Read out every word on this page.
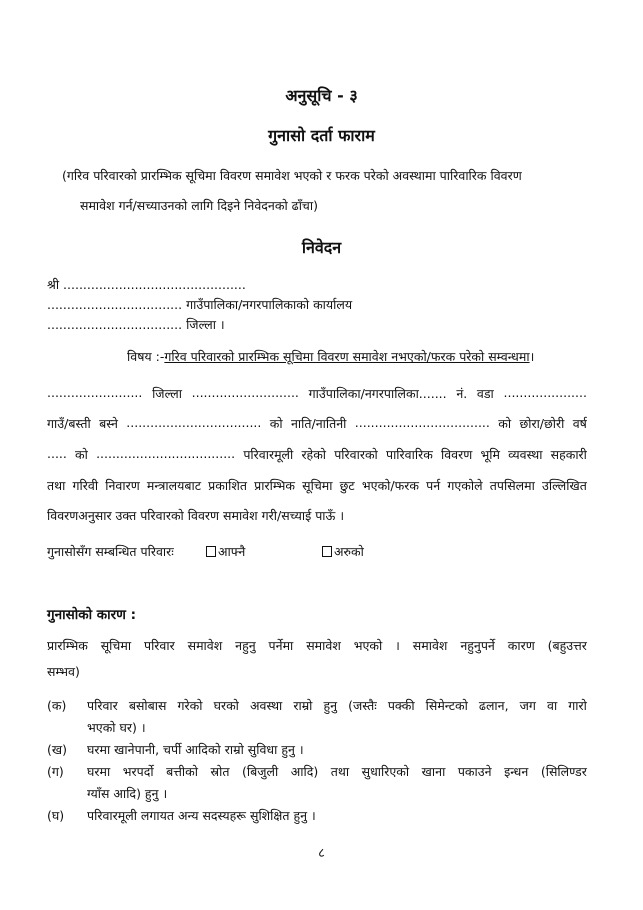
अनुसूचि - ३
गुनासो दर्ता फाराम
(गरिव परिवारको प्रारम्भिक सूचिमा विवरण समावेश भएको र फरक परेको अवस्थामा पारिवारिक विवरण
समावेश गर्न/सच्याउनको लागि दिइने निवेदनको ढाँचा)
निवेदन
श्री ..............................................
.................................. गाउँपालिका/नगरपालिकाको कार्यालय
.................................. जिल्ला ।
विषय :-गरिव परिवारको प्रारम्भिक सूचिमा विवरण समावेश नभएको/फरक परेको सम्वन्धमा।
........................ जिल्ला ........................... गाउँपालिका/नगरपालिका....... नं. वडा .....................
गाउँ/बस्ती बस्ने .................................. को नाति/नातिनी .................................. को छोरा/छोरी वर्ष
..... को ................................... परिवारमूली रहेको परिवारको पारिवारिक विवरण भूमि व्यवस्था सहकारी
तथा गरिवी निवारण मन्त्रालयबाट प्रकाशित प्रारम्भिक सूचिमा छुट भएको/फरक पर्न गएकोले तपसिलमा उल्लिखित
विवरणअनुसार उक्त परिवारको विवरण समावेश गरी/सच्याई पाऊँ ।
गुनासोसँग सम्बन्धित परिवारः	आफ्नै	अरुको
गुनासोको कारण :
प्रारम्भिक सूचिमा परिवार समावेश नहुनु पर्नेमा समावेश भएको । समावेश नहुनुपर्ने कारण (बहुउत्तर
सम्भव)
(क) परिवार बसोबास गरेको घरको अवस्था राम्रो हुनु (जस्तैः पक्की सिमेन्टको ढलान, जग वा गारो
भएको घर) ।
(ख) घरमा खानेपानी, चर्पी आदिको राम्रो सुविधा हुनु ।
(ग) घरमा भरपर्दो बत्तीको स्रोत (बिजुली आदि) तथा सुधारिएको खाना पकाउने इन्धन (सिलिण्डर
ग्याँस आदि) हुनु ।
(घ) परिवारमूली लगायत अन्य सदस्यहरू सुशिक्षित हुनु ।
८
